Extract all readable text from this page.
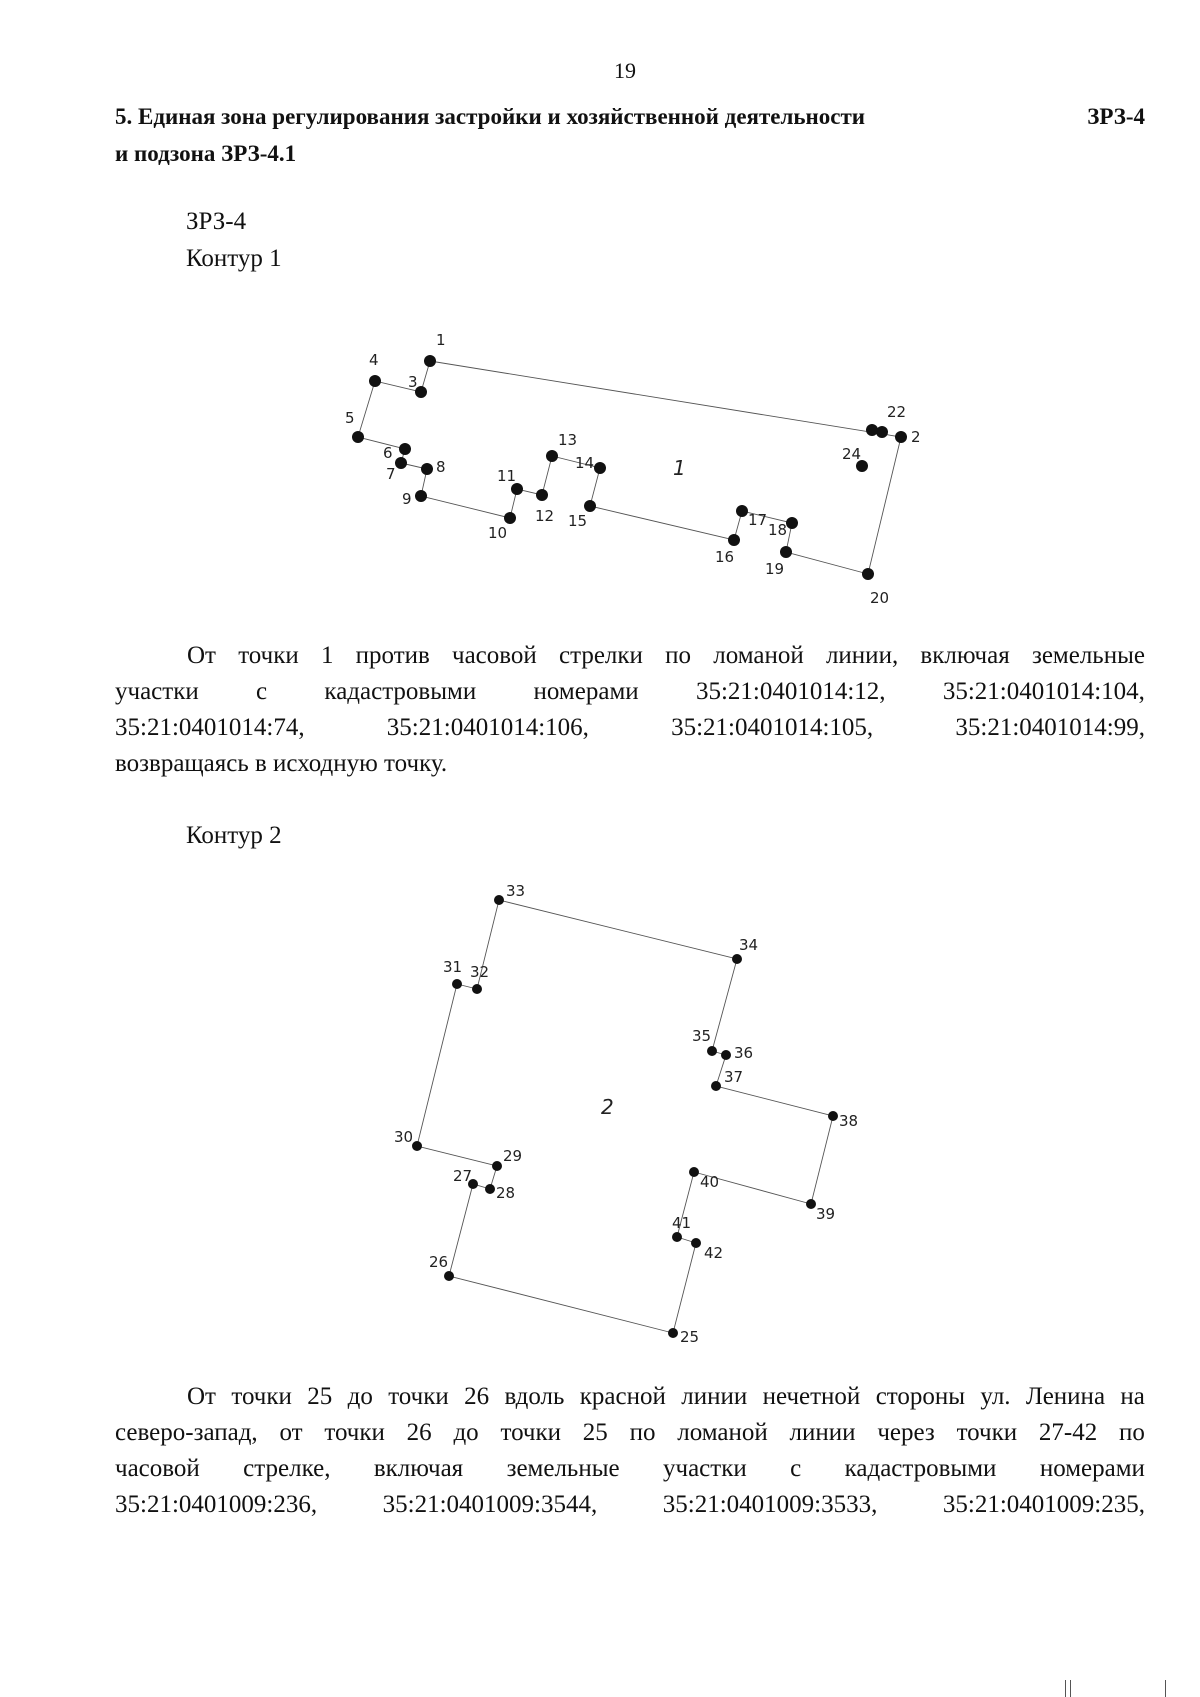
19
ЗРЗ-4
5. Единая зона регулирования застройки и хозяйственной деятельности
и подзона ЗРЗ-4.1
ЗРЗ-4
Контур 1
1
2
3
4
5
6
7	8
9
10
11
12
13
14
15
16
17
18
19
20
22
24
1
25
26
27
28
29
30
31 32
33
34
35
36
37
38
39
40
41
42
2
От точки 1 против часовой стрелки по ломаной линии, включая земельные
участки с кадастровыми номерами 35:21:0401014:12, 35:21:0401014:104,
35:21:0401014:74,	35:21:0401014:106,	35:21:0401014:105,	35:21:0401014:99,
возвращаясь в исходную точку.
Контур 2
От точки 25 до точки 26 вдоль красной линии нечетной стороны ул. Ленина на
северо-запад, от точки 26 до точки 25 по ломаной линии через точки 27-42 по
часовой стрелке, включая земельные участки с кадастровыми номерами
35:21:0401009:236,	35:21:0401009:3544,	35:21:0401009:3533,	35:21:0401009:235,
